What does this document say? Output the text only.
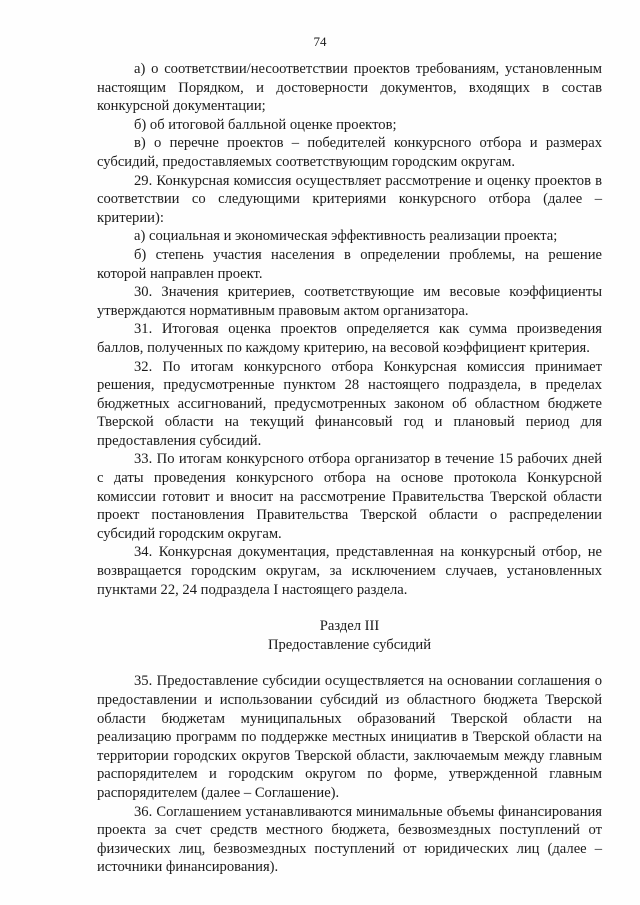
74

а) о соответствии/несоответствии проектов требованиям, установленным настоящим Порядком, и достоверности документов, входящих в состав конкурсной документации;

б) об итоговой балльной оценке проектов;

в) о перечне проектов – победителей конкурсного отбора и размерах субсидий, предоставляемых соответствующим городским округам.

29. Конкурсная комиссия осуществляет рассмотрение и оценку проектов в соответствии со следующими критериями конкурсного отбора (далее – критерии):

а) социальная и экономическая эффективность реализации проекта;

б) степень участия населения в определении проблемы, на решение которой направлен проект.

30. Значения критериев, соответствующие им весовые коэффициенты утверждаются нормативным правовым актом организатора.

31. Итоговая оценка проектов определяется как сумма произведения баллов, полученных по каждому критерию, на весовой коэффициент критерия.

32. По итогам конкурсного отбора Конкурсная комиссия принимает решения, предусмотренные пунктом 28 настоящего подраздела, в пределах бюджетных ассигнований, предусмотренных законом об областном бюджете Тверской области на текущий финансовый год и плановый период для предоставления субсидий.

33. По итогам конкурсного отбора организатор в течение 15 рабочих дней с даты проведения конкурсного отбора на основе протокола Конкурсной комиссии готовит и вносит на рассмотрение Правительства Тверской области проект постановления Правительства Тверской области о распределении субсидий городским округам.

34. Конкурсная документация, представленная на конкурсный отбор, не возвращается городским округам, за исключением случаев, установленных пунктами 22, 24 подраздела I настоящего раздела.

Раздел III

Предоставление субсидий

35. Предоставление субсидии осуществляется на основании соглашения о предоставлении и использовании субсидий из областного бюджета Тверской области бюджетам муниципальных образований Тверской области на реализацию программ по поддержке местных инициатив в Тверской области на территории городских округов Тверской области, заключаемым между главным распорядителем и городским округом по форме, утвержденной главным распорядителем (далее – Соглашение).

36. Соглашением устанавливаются минимальные объемы финансирования проекта за счет средств местного бюджета, безвозмездных поступлений от физических лиц, безвозмездных поступлений от юридических лиц (далее – источники финансирования).
